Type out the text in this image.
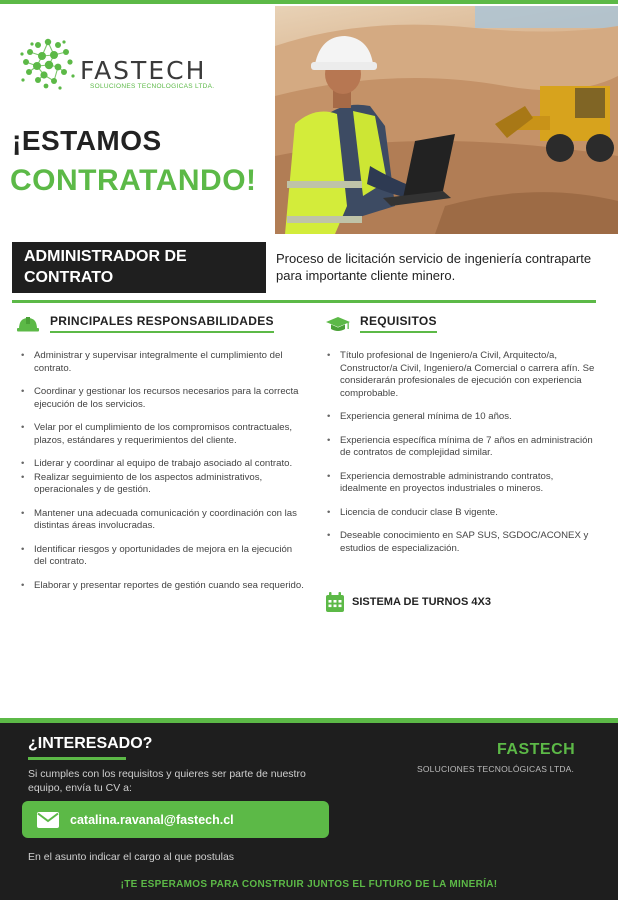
FASTECH
SOLUCIONES TECNOLOGICAS LTDA.
¡ESTAMOS
CONTRATANDO!
ADMINISTRADOR DE
CONTRATO
Proceso de licitación servicio de ingeniería contraparte para importante cliente minero.
PRINCIPALES RESPONSABILIDADES
• Administrar y supervisar integralmente el cumplimiento del contrato.
• Coordinar y gestionar los recursos necesarios para la correcta ejecución de los servicios.
• Velar por el cumplimiento de los compromisos contractuales, plazos, estándares y requerimientos del cliente.
• Liderar y coordinar al equipo de trabajo asociado al contrato.
• Realizar seguimiento de los aspectos administrativos, operacionales y de gestión.
• Mantener una adecuada comunicación y coordinación con las distintas áreas involucradas.
• Identificar riesgos y oportunidades de mejora en la ejecución del contrato.
• Elaborar y presentar reportes de gestión cuando sea requerido.
REQUISITOS
• Título profesional de Ingeniero/a Civil, Arquitecto/a, Constructor/a Civil, Ingeniero/a Comercial o carrera afín. Se considerarán profesionales de ejecución con experiencia comprobable.
• Experiencia general mínima de 10 años.
• Experiencia específica mínima de 7 años en administración de contratos de complejidad similar.
• Experiencia demostrable administrando contratos, idealmente en proyectos industriales o mineros.
• Licencia de conducir clase B vigente.
• Deseable conocimiento en SAP SUS, SGDOC/ACONEX y estudios de especialización.
SISTEMA DE TURNOS 4X3
¿INTERESADO?
Si cumples con los requisitos y quieres ser parte de nuestro equipo, envía tu CV a:
catalina.ravanal@fastech.cl
En el asunto indicar el cargo al que postulas
FASTECH
SOLUCIONES TECNOLÓGICAS LTDA.
¡TE ESPERAMOS PARA CONSTRUIR JUNTOS EL FUTURO DE LA MINERÍA!
